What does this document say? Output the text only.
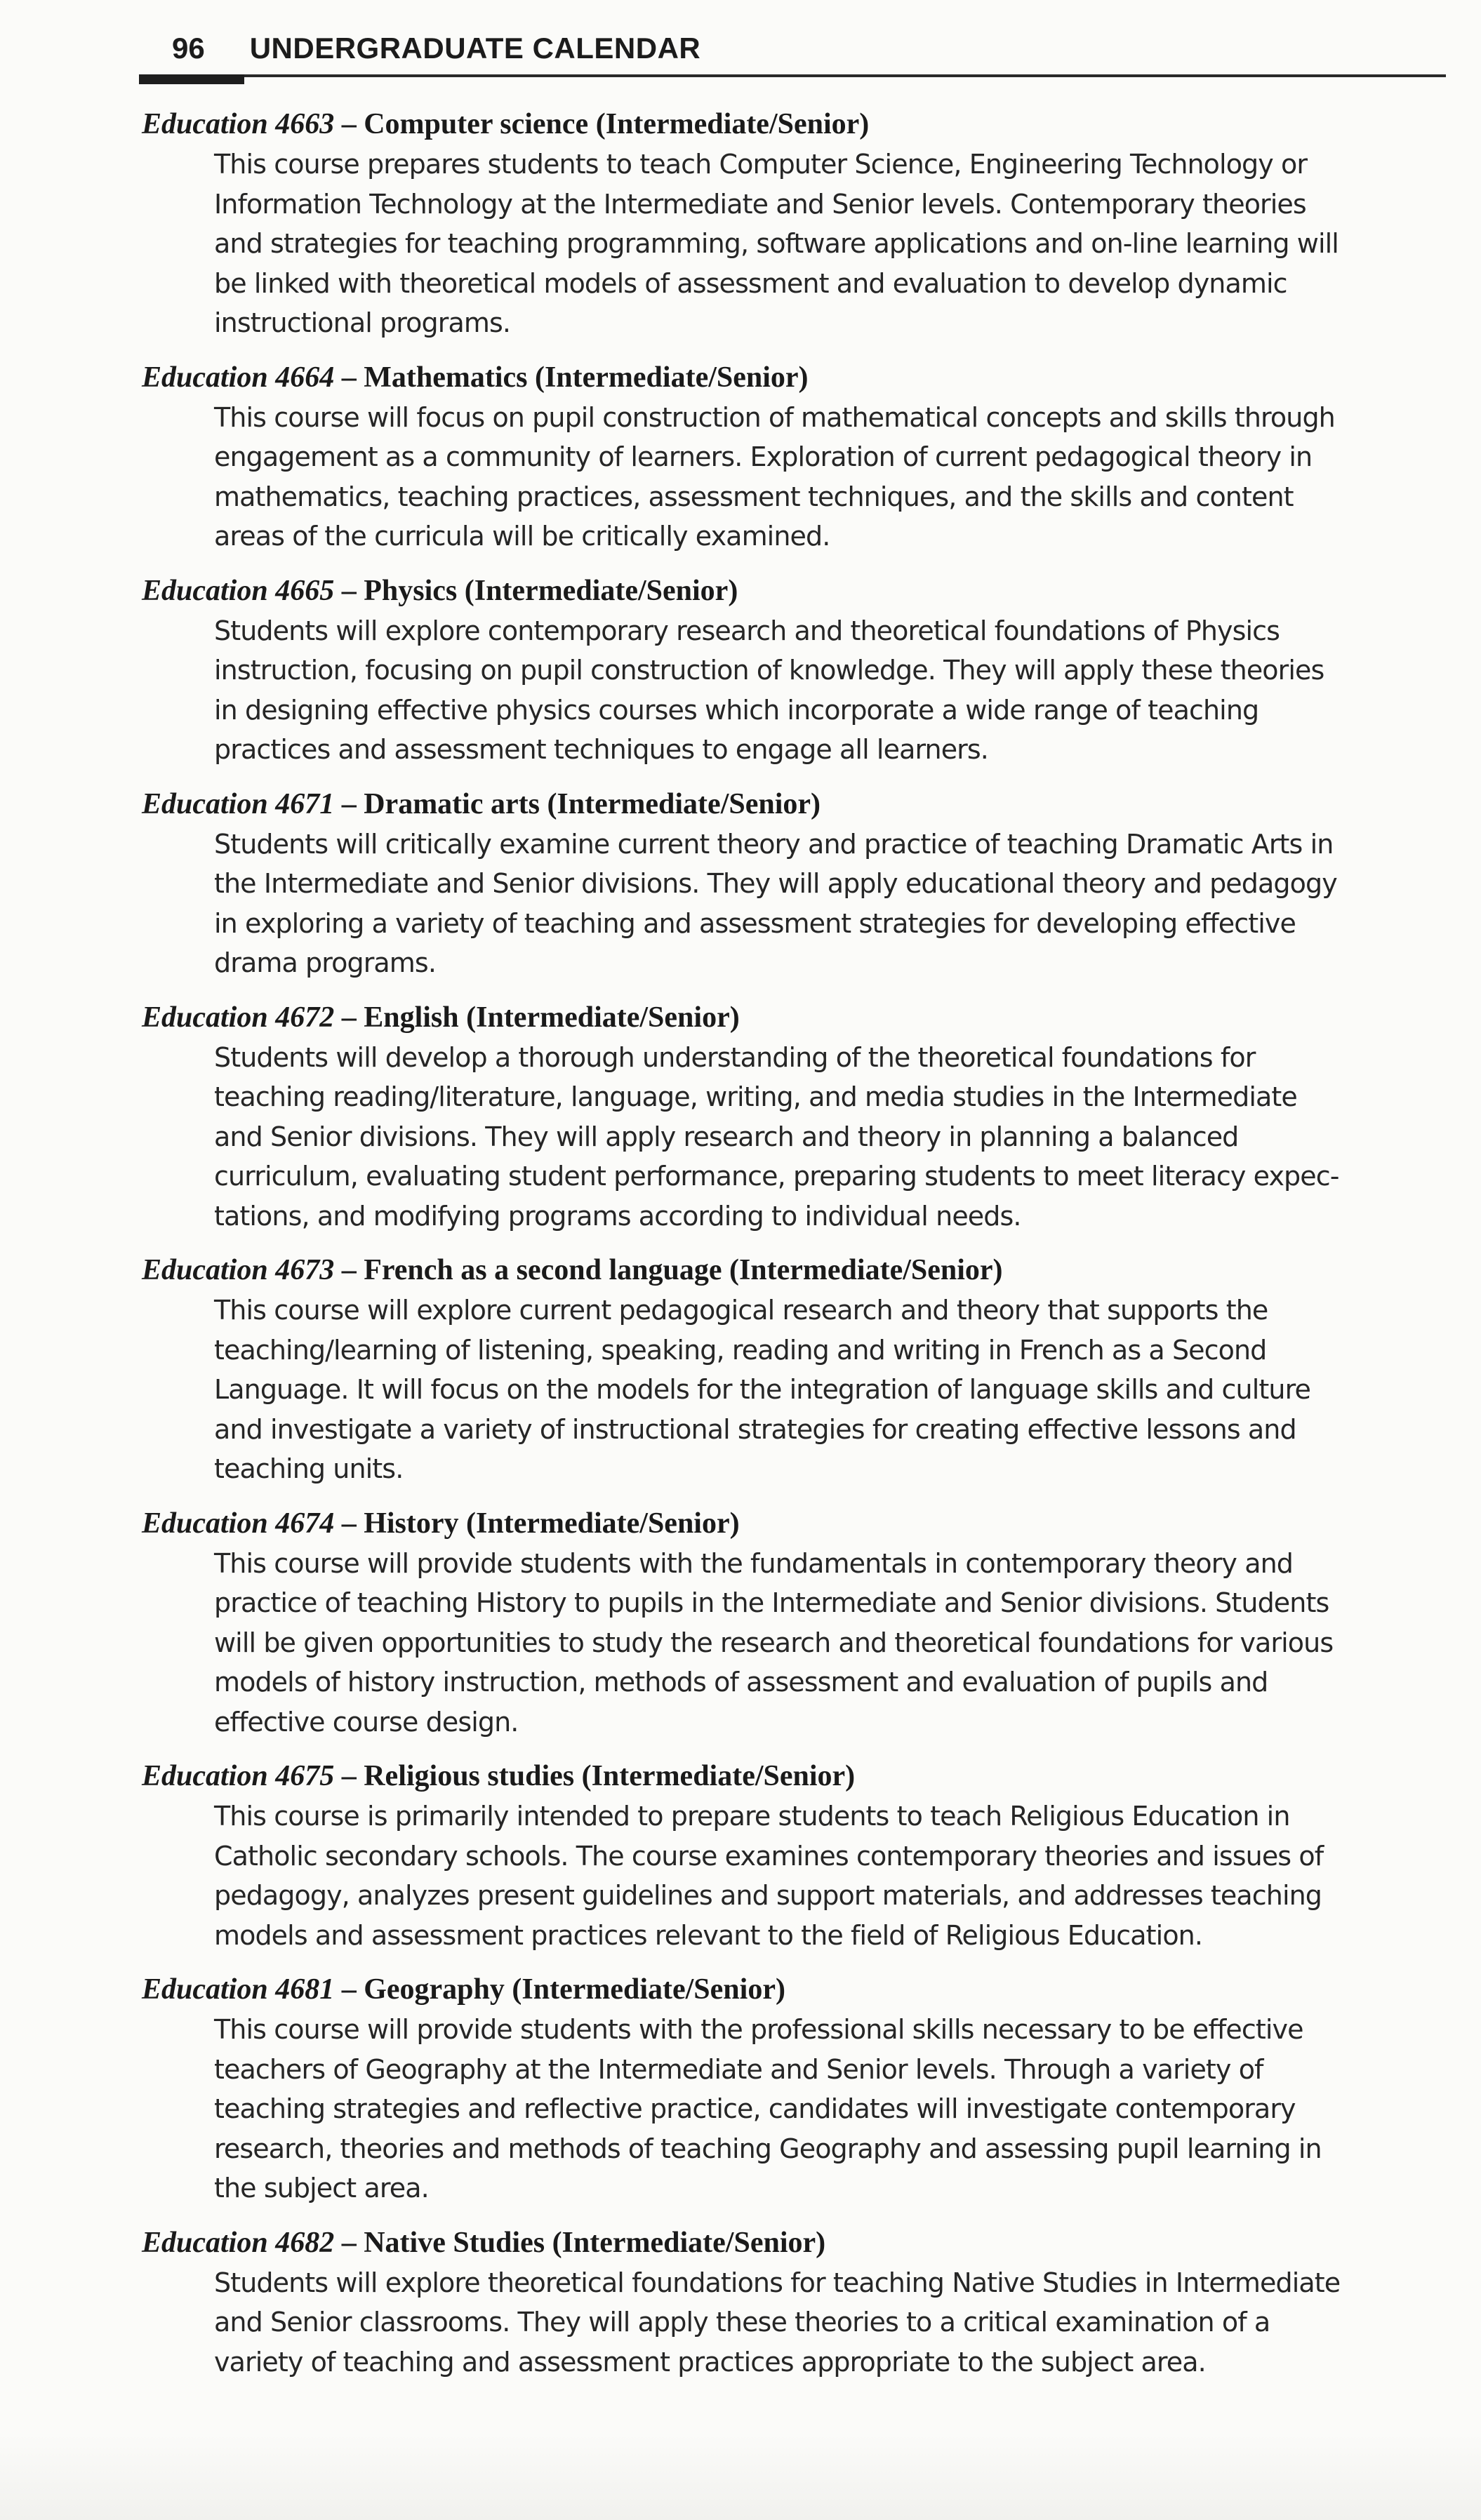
96 UNDERGRADUATE CALENDAR
Education 4663 – Computer science (Intermediate/Senior)
This course prepares students to teach Computer Science, Engineering Technology or
Information Technology at the Intermediate and Senior levels. Contemporary theories
and strategies for teaching programming, software applications and on-line learning will
be linked with theoretical models of assessment and evaluation to develop dynamic
instructional programs.
Education 4664 – Mathematics (Intermediate/Senior)
This course will focus on pupil construction of mathematical concepts and skills through
engagement as a community of learners. Exploration of current pedagogical theory in
mathematics, teaching practices, assessment techniques, and the skills and content
areas of the curricula will be critically examined.
Education 4665 – Physics (Intermediate/Senior)
Students will explore contemporary research and theoretical foundations of Physics
instruction, focusing on pupil construction of knowledge. They will apply these theories
in designing effective physics courses which incorporate a wide range of teaching
practices and assessment techniques to engage all learners.
Education 4671 – Dramatic arts (Intermediate/Senior)
Students will critically examine current theory and practice of teaching Dramatic Arts in
the Intermediate and Senior divisions. They will apply educational theory and pedagogy
in exploring a variety of teaching and assessment strategies for developing effective
drama programs.
Education 4672 – English (Intermediate/Senior)
Students will develop a thorough understanding of the theoretical foundations for
teaching reading/literature, language, writing, and media studies in the Intermediate
and Senior divisions. They will apply research and theory in planning a balanced
curriculum, evaluating student performance, preparing students to meet literacy expec-
tations, and modifying programs according to individual needs.
Education 4673 – French as a second language (Intermediate/Senior)
This course will explore current pedagogical research and theory that supports the
teaching/learning of listening, speaking, reading and writing in French as a Second
Language. It will focus on the models for the integration of language skills and culture
and investigate a variety of instructional strategies for creating effective lessons and
teaching units.
Education 4674 – History (Intermediate/Senior)
This course will provide students with the fundamentals in contemporary theory and
practice of teaching History to pupils in the Intermediate and Senior divisions. Students
will be given opportunities to study the research and theoretical foundations for various
models of history instruction, methods of assessment and evaluation of pupils and
effective course design.
Education 4675 – Religious studies (Intermediate/Senior)
This course is primarily intended to prepare students to teach Religious Education in
Catholic secondary schools. The course examines contemporary theories and issues of
pedagogy, analyzes present guidelines and support materials, and addresses teaching
models and assessment practices relevant to the field of Religious Education.
Education 4681 – Geography (Intermediate/Senior)
This course will provide students with the professional skills necessary to be effective
teachers of Geography at the Intermediate and Senior levels. Through a variety of
teaching strategies and reflective practice, candidates will investigate contemporary
research, theories and methods of teaching Geography and assessing pupil learning in
the subject area.
Education 4682 – Native Studies (Intermediate/Senior)
Students will explore theoretical foundations for teaching Native Studies in Intermediate
and Senior classrooms. They will apply these theories to a critical examination of a
variety of teaching and assessment practices appropriate to the subject area.
